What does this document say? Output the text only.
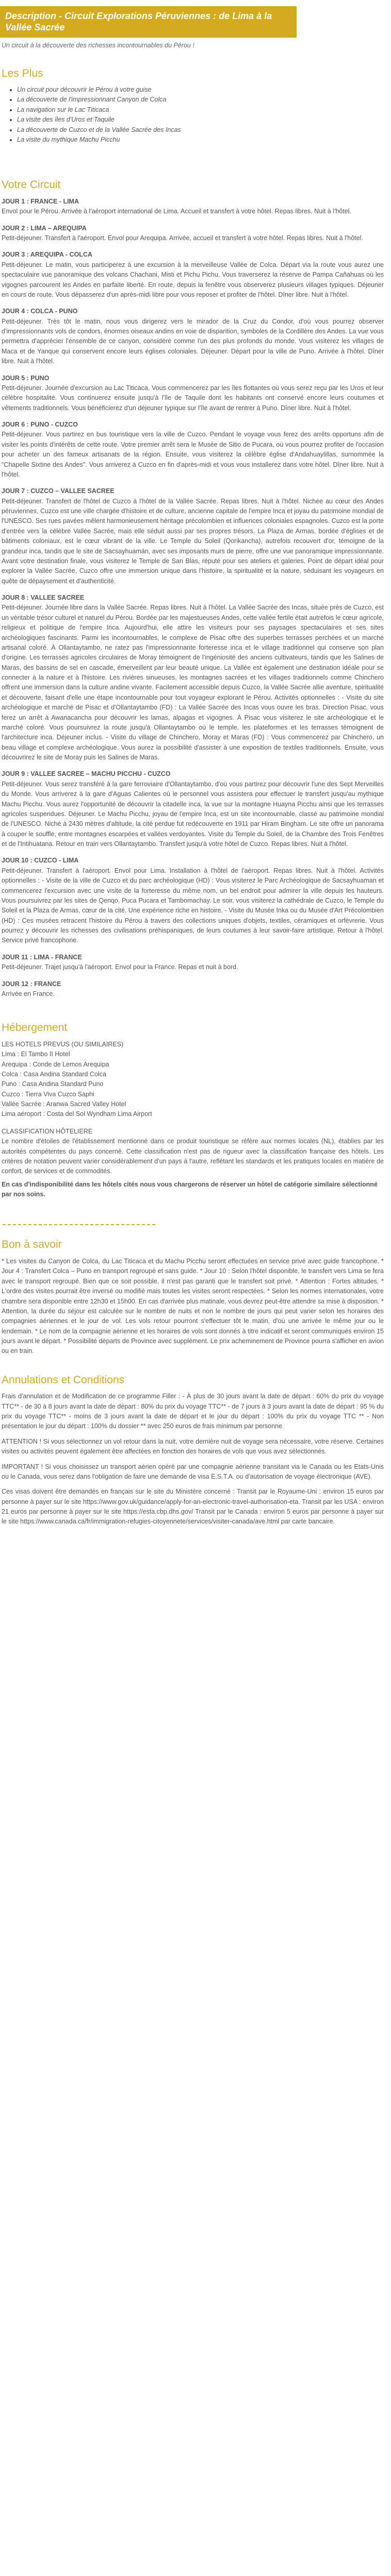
Description - Circuit Explorations Péruviennes : de Lima à la Vallée Sacrée
Un circuit à la découverte des richesses incontournables du Pérou !
Les Plus
• Un circuit pour découvrir le Pérou à votre guise
• La découverte de l'impressionnant Canyon de Colca
• La navigation sur le Lac Titicaca
• La visite des îles d'Uros et Taquile
• La découverte de Cuzco et de la Vallée Sacrée des Incas
• La visite du mythique Machu Picchu
Votre Circuit
JOUR 1 : FRANCE - LIMA

Envol pour le Pérou. Arrivée à l'aéroport international de Lima. Accueil et transfert à votre hôtel. Repas libres. Nuit à l'hôtel.

JOUR 2 : LIMA – AREQUIPA

Petit-déjeuner. Transfert à l'aéroport. Envol pour Arequipa. Arrivée, accueil et transfert à votre hôtel. Repas libres. Nuit à l'hôtel.

JOUR 3 : AREQUIPA - COLCA

Petit-déjeuner. Le matin, vous participerez à une excursion à la merveilleuse Vallée de Colca. Départ via la route vous aurez une spectaculaire vue panoramique des volcans Chachani, Misti et Pichu Pichu. Vous traverserez la réserve de Pampa Cañahuas où les vigognes parcourent les Andes en parfaite liberté. En route, depuis la fenêtre vous observerez plusieurs villages typiques. Déjeuner en cours de route. Vous dépasserez d'un après-midi libre pour vous reposer et profiter de l'hôtel. Dîner libre. Nuit à l'hôtel.

JOUR 4 : COLCA - PUNO

Petit-déjeuner. Très tôt le matin, nous vous dirigerez vers le mirador de la Cruz du Condor, d'où vous pourrez observer d'impressionnants vols de condors, énormes oiseaux andins en voie de disparition, symboles de la Cordillère des Andes. La vue vous permettra d'apprécier l'ensemble de ce canyon, considéré comme l'un des plus profonds du monde. Vous visiterez les villages de Maca et de Yanque qui conservent encore leurs églises coloniales. Déjeuner. Départ pour la ville de Puno. Arrivée à l'hôtel. Dîner libre. Nuit à l'hôtel.

JOUR 5 : PUNO

Petit-déjeuner. Journée d'excursion au Lac Titicaca. Vous commencerez par les îles flottantes où vous serez reçu par les Uros et leur célèbre hospitalité. Vous continuerez ensuite jusqu'à l'île de Taquile dont les habitants ont conservé encore leurs coutumes et vêtements traditionnels. Vous bénéficierez d'un déjeuner typique sur l'île avant de rentrer à Puno. Dîner libre. Nuit à l'hôtel.

JOUR 6 : PUNO - CUZCO

Petit-déjeuner. Vous partirez en bus touristique vers la ville de Cuzco. Pendant le voyage vous ferez des arrêts opportuns afin de visiter les points d'intérêts de cette route. Votre premier arrêt sera le Musée de Sitio de Pucara, où vous pourrez profiter de l'occasion pour acheter un des fameux artisanats de la région. Ensuite, vous visiterez la célèbre église d'Andahuaylillas, surnommée la "Chapelle Sixtine des Andes". Vous arriverez à Cuzco en fin d'après-midi et vous vous installerez dans votre hôtel. Dîner libre. Nuit à l'hôtel.

JOUR 7 : CUZCO – VALLEE SACREE

Petit-déjeuner. Transfert de l'hôtel de Cuzco à l'hôtel de la Vallée Sacrée. Repas libres. Nuit à l'hôtel. Nichée au cœur des Andes péruviennes, Cuzco est une ville chargée d'histoire et de culture, ancienne capitale de l'empire Inca et joyau du patrimoine mondial de l'UNESCO. Ses rues pavées mêlent harmonieusement héritage précolombien et influences coloniales espagnoles. Cuzco est la porte d'entrée vers la célèbre Vallée Sacrée, mais elle séduit aussi par ses propres trésors. La Plaza de Armas, bordée d'églises et de bâtiments coloniaux, est le cœur vibrant de la ville. Le Temple du Soleil (Qorikancha), autrefois recouvert d'or, témoigne de la grandeur inca, tandis que le site de Sacsayhuamán, avec ses imposants murs de pierre, offre une vue panoramique impressionnante. Avant votre destination finale, vous visiterez le Temple de San Blas, réputé pour ses ateliers et galeries. Point de départ idéal pour explorer la Vallée Sacrée, Cuzco offre une immersion unique dans l'histoire, la spiritualité et la nature, séduisant les voyageurs en quête de dépaysement et d'authenticité.

JOUR 8 : VALLEE SACREE

Petit-déjeuner. Journée libre dans la Vallée Sacrée. Repas libres. Nuit à l'hôtel. La Vallée Sacrée des Incas, située près de Cuzco, est un véritable trésor culturel et naturel du Pérou. Bordée par les majestueuses Andes, cette vallée fertile était autrefois le cœur agricole, religieux et politique de l'empire Inca. Aujourd'hui, elle attire les visiteurs pour ses paysages spectaculaires et ses sites archéologiques fascinants. Parmi les incontournables, le complexe de Pisac offre des superbes terrasses perchées et un marché artisanal coloré. À Ollantaytambo, ne ratez pas l'impressionnante forteresse inca et le village traditionnel qui conserve son plan d'origine. Les terrasses agricoles circulaires de Moray témoignent de l'ingéniosité des anciens cultivateurs, tandis que les Salines de Maras, des bassins de sel en cascade, émerveillent par leur beauté unique. La Vallée est également une destination idéale pour se connecter à la nature et à l'histoire. Les rivières sinueuses, les montagnes sacrées et les villages traditionnels comme Chinchero offrent une immersion dans la culture andine vivante. Facilement accessible depuis Cuzco, la Vallée Sacrée allie aventure, spiritualité et découverte, faisant d'elle une étape incontournable pour tout voyageur explorant le Pérou. Activités optionnelles : - Visite du site archéologique et marché de Pisac et d'Ollantaytambo (FD) : La Vallée Sacrée des Incas vous ouvre les bras. Direction Pisac, vous ferez un arrêt à Awanacancha pour découvrir les lamas, alpagas et vigognes. À Pisac vous visiterez le site archéologique et le marché coloré. Vous poursuivrez la route jusqu'à Ollantaytambo où le temple, les plateformes et les terrasses témoignent de l'architecture inca. Déjeuner inclus. - Visite du village de Chinchero, Moray et Maras (FD) : Vous commencerez par Chinchero, un beau village et complexe archéologique. Vous aurez la possibilité d'assister à une exposition de textiles traditionnels. Ensuite, vous découvrirez le site de Moray puis les Salines de Maras.

JOUR 9 : VALLEE SACREE – MACHU PICCHU - CUZCO

Petit-déjeuner. Vous serez transféré à la gare ferroviaire d'Ollantaytambo, d'où vous partirez pour découvrir l'une des Sept Merveilles du Monde. Vous arriverez à la gare d'Aguas Calientes où le personnel vous assistera pour effectuer le transfert jusqu'au mythique Machu Picchu. Vous aurez l'opportunité de découvrir la citadelle inca, la vue sur la montagne Huayna Picchu ainsi que les terrasses agricoles suspendues. Déjeuner. Le Machu Picchu, joyau de l'empire Inca, est un site incontournable, classé au patrimoine mondial de l'UNESCO. Niché à 2430 mètres d'altitude, la cité perdue fut redécouverte en 1911 par Hiram Bingham. Le site offre un panorama à couper le souffle, entre montagnes escarpées et vallées verdoyantes. Visite du Temple du Soleil, de la Chambre des Trois Fenêtres et de l'Intihuatana. Retour en train vers Ollantaytambo. Transfert jusqu'à votre hôtel de Cuzco. Repas libres. Nuit à l'hôtel.

JOUR 10 : CUZCO - LIMA

Petit-déjeuner. Transfert à l'aéroport. Envol pour Lima. Installation à l'hôtel de l'aéroport. Repas libres. Nuit à l'hôtel. Activités optionnelles : - Visite de la ville de Cuzco et du parc archéologique (HD) : Vous visiterez le Parc Archéologique de Sacsayhuaman et commencerez l'excursion avec une visite de la forteresse du même nom, un bel endroit pour admirer la ville depuis les hauteurs. Vous poursuivrez par les sites de Qenqo, Puca Pucara et Tambomachay. Le soir, vous visiterez la cathédrale de Cuzco, le Temple du Soleil et la Plaza de Armas, cœur de la cité. Une expérience riche en histoire. - Visite du Musée Inka ou du Musée d'Art Précolombien (HD) : Ces musées retracent l'histoire du Pérou à travers des collections uniques d'objets, textiles, céramiques et orfèvrerie. Vous pourrez y découvrir les richesses des civilisations préhispaniques, de leurs coutumes à leur savoir-faire artistique. Retour à l'hôtel. Service privé francophone.

JOUR 11 : LIMA - FRANCE

Petit-déjeuner. Trajet jusqu'à l'aéroport. Envol pour la France. Repas et nuit à bord.

JOUR 12 : FRANCE

Arrivée en France.

Hébergement

LES HOTELS PREVUS (OU SIMILAIRES)

Lima : El Tambo II Hotel

Arequipa : Conde de Lemos Arequipa

Colca : Casa Andina Standard Colca

Puno : Casa Andina Standard Puno

Cuzco : Tierra Viva Cuzco Saphi

Vallée Sacrée : Aranwa Sacred Valley Hotel

Lima aéroport : Costa del Sol Wyndham Lima Airport

CLASSIFICATION HÔTELIERE
Le nombre d'étoiles de l'établissement mentionné dans ce produit touristique se réfère aux normes locales (NL), établies par les autorités compétentes du pays concerné. Cette classification n'est pas de rigueur avec la classification française des hôtels. Les critères de notation peuvent varier considérablement d'un pays à l'autre, reflétant les standards et les pratiques locales en matière de confort, de services et de commodités.
En cas d'indisponibilité dans les hôtels cités nous vous chargerons de réserver un hôtel de catégorie similaire sélectionné par nos soins.
Bon à savoir

* Les visites du Canyon de Colca, du Lac Titicaca et du Machu Picchu seront effectuées en service privé avec guide francophone. * Jour 4 : Transfert Colca – Puno en transport regroupé et sans guide. * Jour 10 : Selon l'hôtel disponible, le transfert vers Lima se fera avec le transport regroupé. Bien que ce soit possible, il n'est pas garanti que le transfert soit privé. * Attention : Fortes altitudes. * L'ordre des visites pourrait être inversé ou modifié mais toutes les visites seront respectées. * Selon les normes internationales, votre chambre sera disponible entre 12h30 et 15h00. En cas d'arrivée plus matinale, vous devrez peut-être attendre sa mise à disposition. * Attention, la durée du séjour est calculée sur le nombre de nuits et non le nombre de jours qui peut varier selon les horaires des compagnies aériennes et le jour de vol. Les vols retour pourront s'effectuer tôt le matin, d'où une arrivée le même jour ou le lendemain. * Le nom de la compagnie aérienne et les horaires de vols sont donnés à titre indicatif et seront communiqués environ 15 jours avant le départ. * Possibilité départs de Province avec supplément. Le prix acheminement de Province pourra s'afficher en avion ou en train.

Annulations et Conditions

Frais d'annulation et de Modification de ce programme Filler : - À plus de 30 jours avant la date de départ : 60% du prix du voyage TTC** - de 30 à 8 jours avant la date de départ : 80% du prix du voyage TTC** - de 7 jours à 3 jours avant la date de départ : 95 % du prix du voyage TTC** - moins de 3 jours avant la date de départ et le jour du départ : 100% du prix du voyage TTC ** - Non présentation le jour du départ : 100% du dossier ** avec 250 euros de frais minimum par personne

ATTENTION ! Si vous sélectionnez un vol retour dans la nuit, votre dernière nuit de voyage sera nécessaire, votre réserve. Certaines visites ou activités peuvent également être affectées en fonction des horaires de vols que vous avez sélectionnés.

IMPORTANT ! Si vous choisissez un transport aérien opéré par une compagnie aérienne transitant via le Canada ou les Etats-Unis ou le Canada, vous serez dans l'obligation de faire une demande de visa E.S.T.A. ou d'autorisation de voyage électronique (AVE).

Ces visas doivent être demandés en français sur le site du Ministère concerné : Transit par le Royaume-Uni : environ 15 euros par personne à payer sur le site https://www.gov.uk/guidance/apply-for-an-electronic-travel-authorisation-eta. Transit par les USA : environ 21 euros par personne à payer sur le site https://esta.cbp.dhs.gov/ Transit par le Canada : environ 5 euros par personne à payer sur le site https://www.canada.ca/fr/immigration-refugies-citoyennete/services/visiter-canada/ave.html par carte bancaire.
